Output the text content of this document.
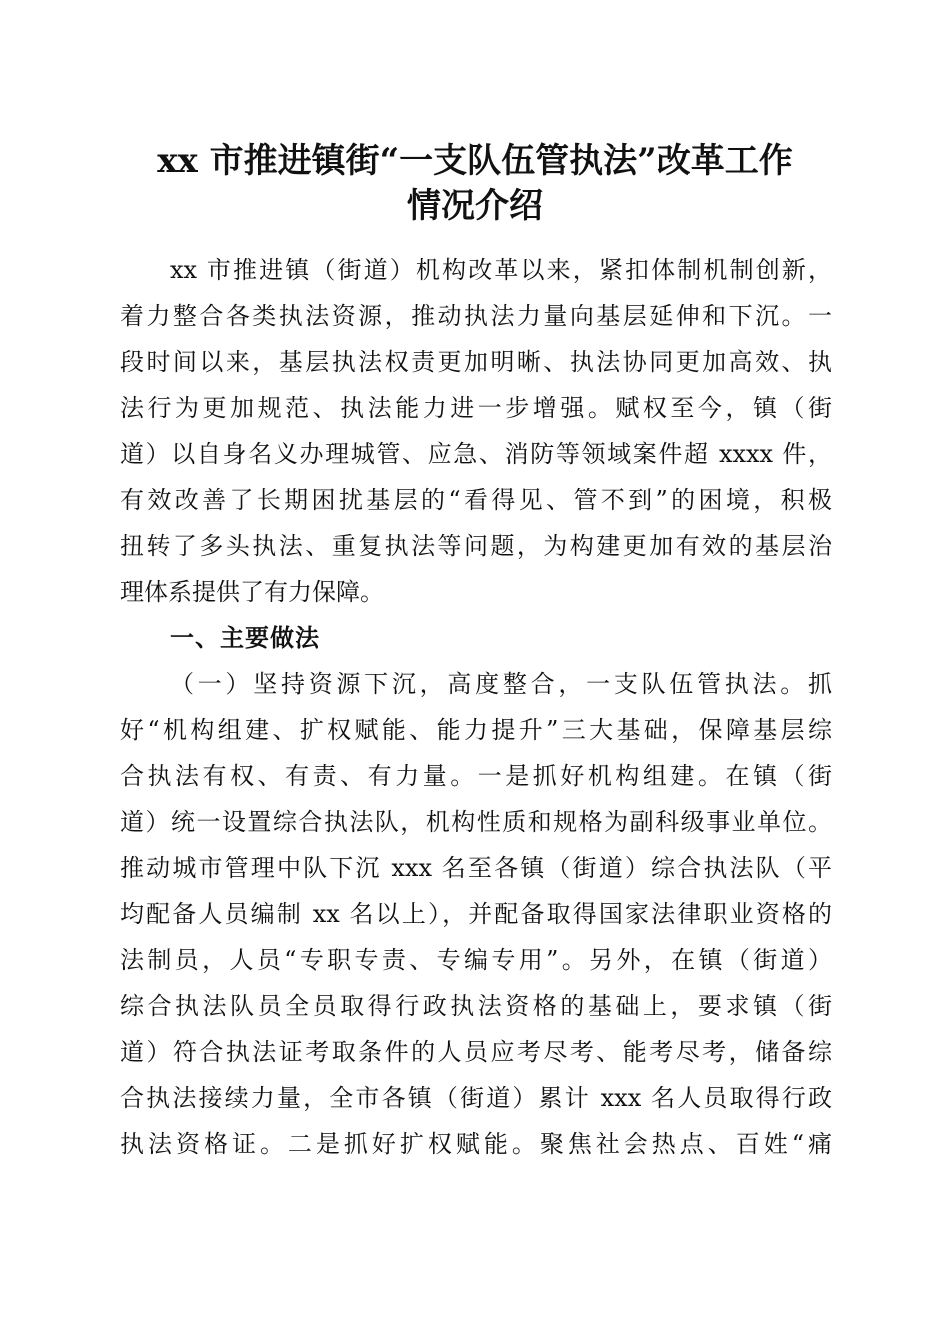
xx 市推进镇街“一支队伍管执法”改革工作
情况介绍

xx 市推进镇（街道）机构改革以来，紧扣体制机制创新，

着力整合各类执法资源，推动执法力量向基层延伸和下沉。一

段时间以来，基层执法权责更加明晰、执法协同更加高效、执

法行为更加规范、执法能力进一步增强。赋权至今，镇（街

道）以自身名义办理城管、应急、消防等领域案件超 xxxx 件，

有效改善了长期困扰基层的“看得见、管不到”的困境，积极

扭转了多头执法、重复执法等问题，为构建更加有效的基层治

理体系提供了有力保障。

一、主要做法

（一）坚持资源下沉，高度整合，一支队伍管执法。抓

好“机构组建、扩权赋能、能力提升”三大基础，保障基层综

合执法有权、有责、有力量。一是抓好机构组建。在镇（街

道）统一设置综合执法队，机构性质和规格为副科级事业单位。

推动城市管理中队下沉 xxx 名至各镇（街道）综合执法队（平

均配备人员编制 xx 名以上），并配备取得国家法律职业资格的

法制员，人员“专职专责、专编专用”。另外，在镇（街道）

综合执法队员全员取得行政执法资格的基础上，要求镇（街

道）符合执法证考取条件的人员应考尽考、能考尽考，储备综

合执法接续力量，全市各镇（街道）累计 xxx 名人员取得行政

执法资格证。二是抓好扩权赋能。聚焦社会热点、百姓“痛
